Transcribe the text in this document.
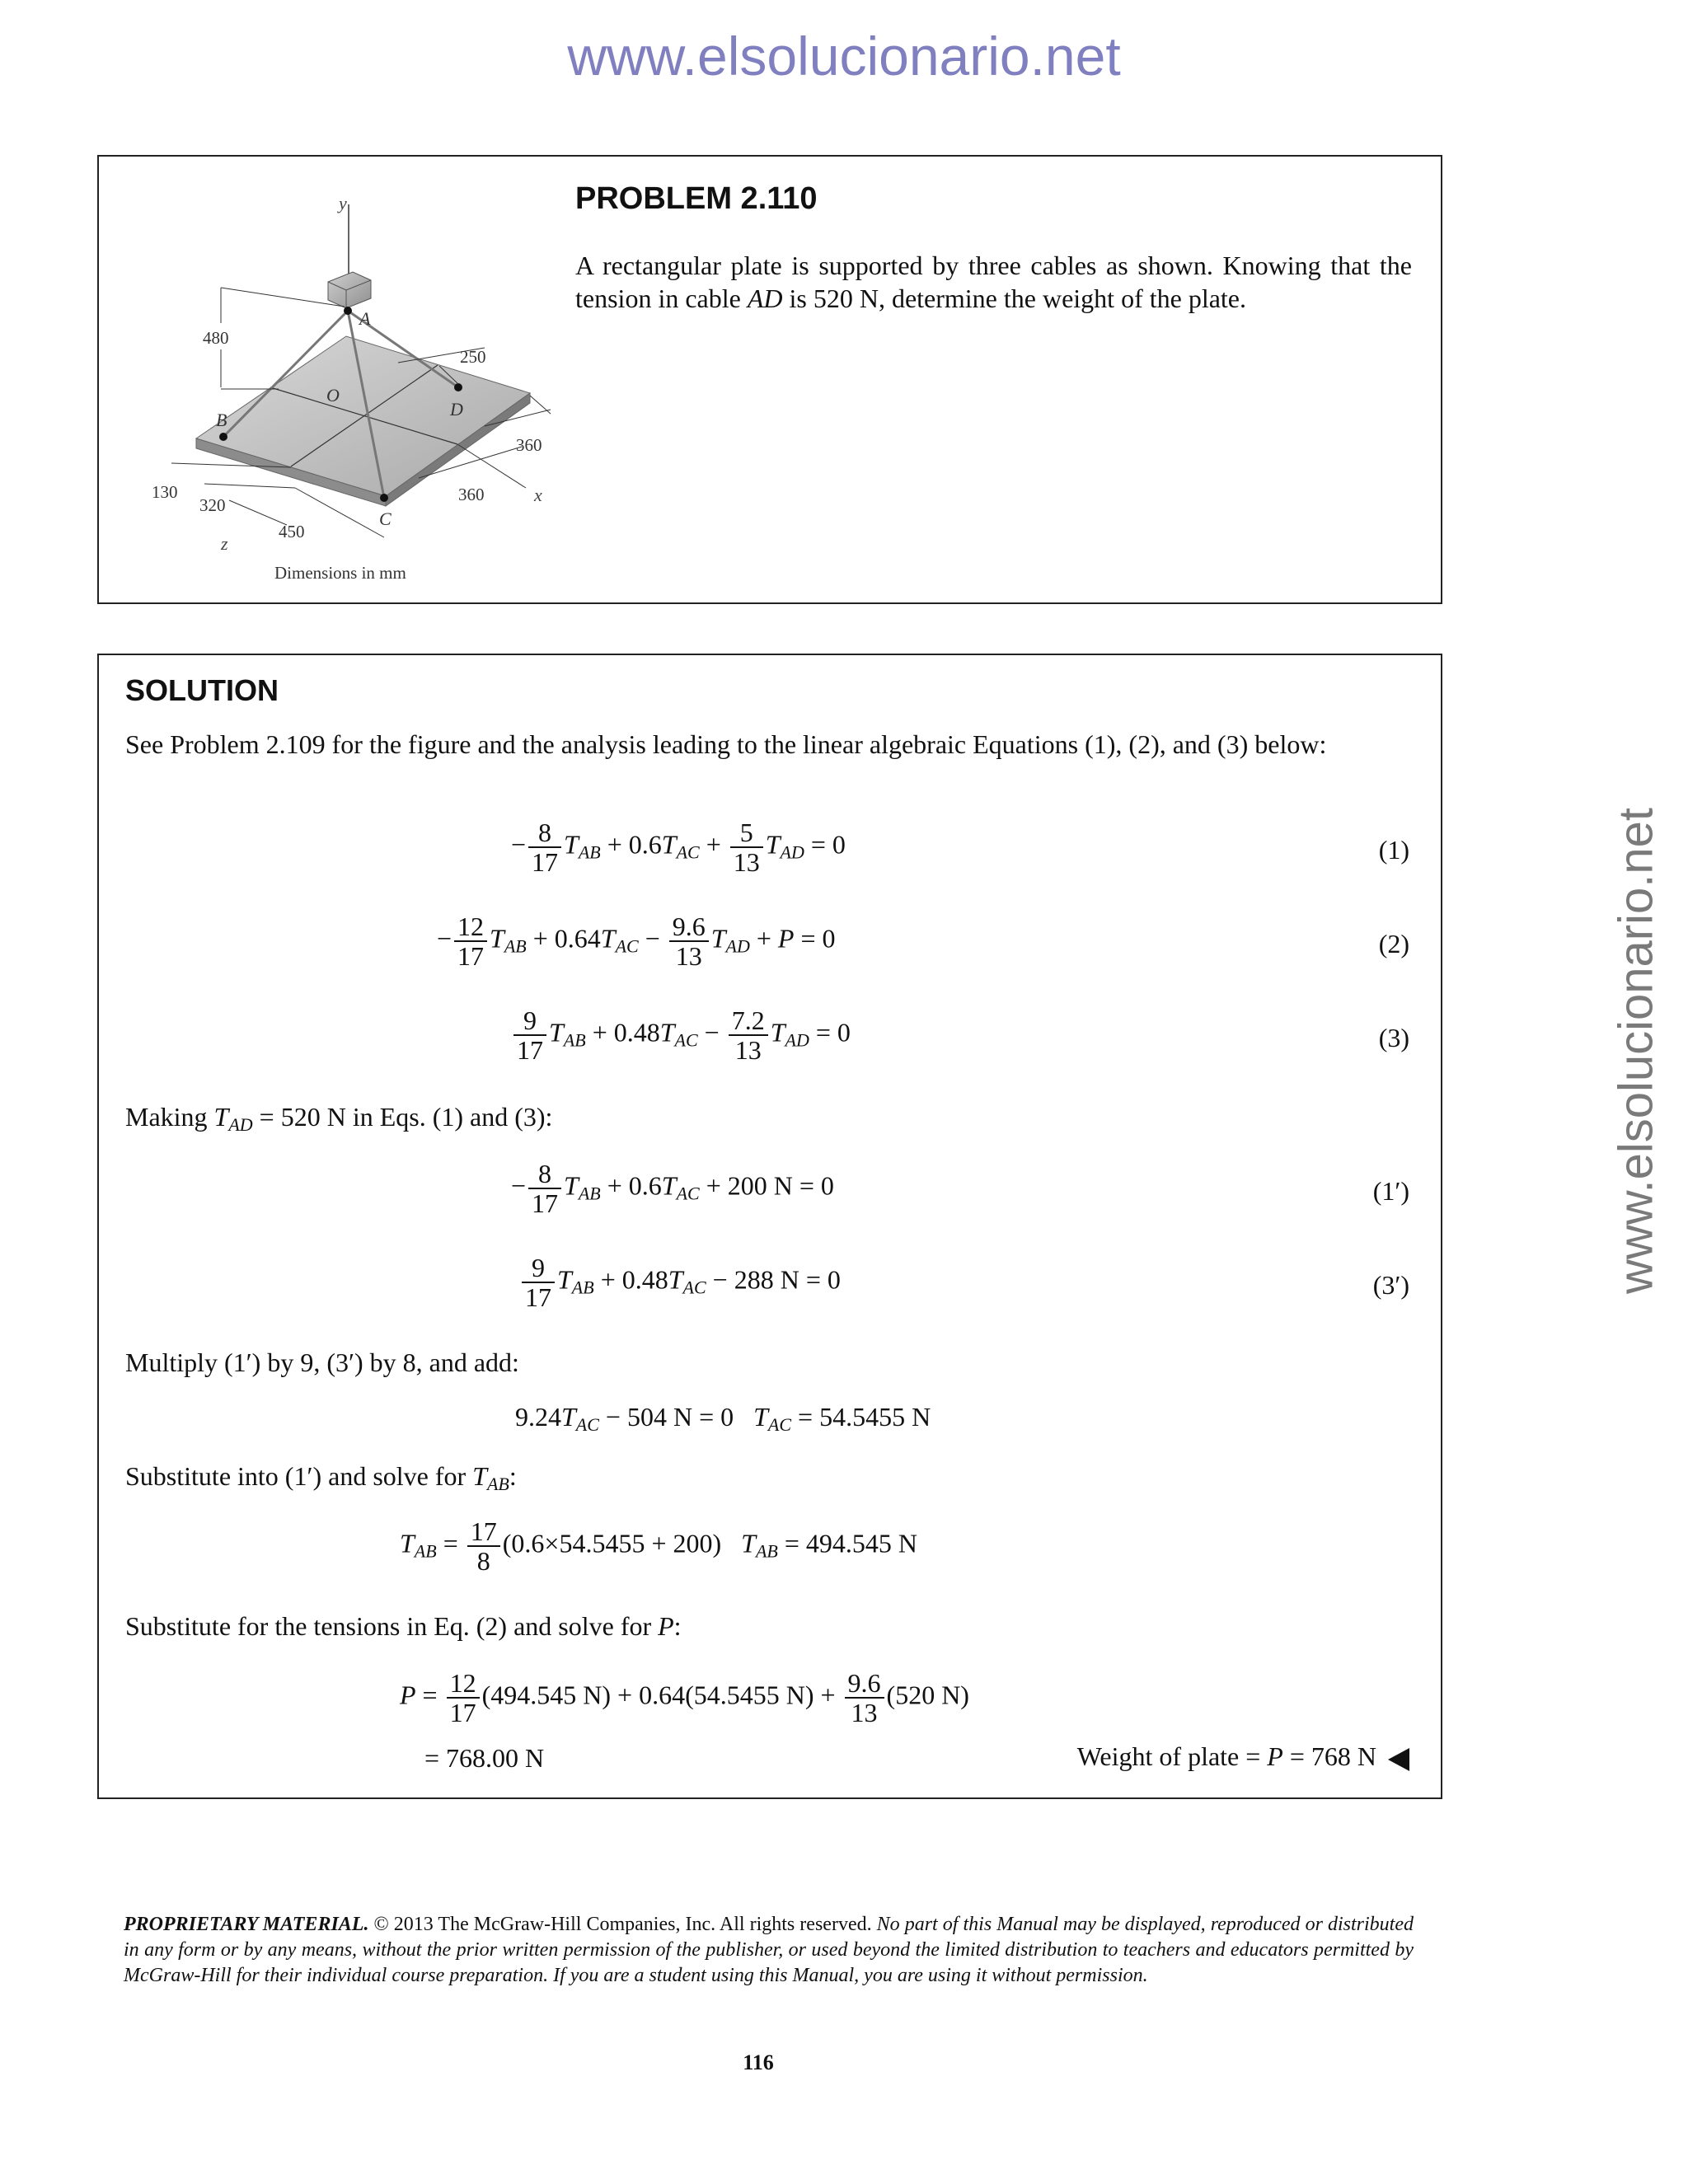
www.elsolucionario.net
www.elsolucionario.net
y
A
B
C
D
O
480
250
360
360	x
130
320
450
z
Dimensions in mm
PROBLEM 2.110
A rectangular plate is supported by three cables as shown. Knowing that the tension in cable AD is 520 N, determine the weight of the plate.
SOLUTION
See Problem 2.109 for the figure and the analysis leading to the linear algebraic Equations (1), (2), and (3) below:
− $\frac{8}{17} T_{AB} + 0.6T_{AC} + \frac{5}{13} T_{AD} = 0$	(1)
− $\frac{12}{17} T_{AB} + 0.64T_{AC} - \frac{9.6}{13} T_{AD} + P = 0$	(2)
$\frac{9}{17} T_{AB} + 0.48T_{AC} - \frac{7.2}{13} T_{AD} = 0$	(3)
Making $T_{AD} = 520$ N in Eqs. (1) and (3):
− $\frac{8}{17} T_{AB} + 0.6T_{AC} + 200$ N = 0	(1′)
$\frac{9}{17} T_{AB} + 0.48T_{AC} - 288$ N = 0	(3′)
Multiply (1′) by 9, (3′) by 8, and add:
$9.24T_{AC} - 504$ N = 0 $T_{AC} = 54.5455$ N
Substitute into (1′) and solve for $T_{AB}$:
$T_{AB} = \frac{17}{8} (0.6\times 54.5455 + 200) T_{AB} = 494.545$ N
Substitute for the tensions in Eq. (2) and solve for P:
$P = \frac{12}{17} (494.545$ N) + 0.64(54.5455 $N) + \frac{9.6}{13} (520$ N)
= 768.00 N	Weight of plate = P = 768 N
PROPRIETARY MATERIAL. © 2013 The McGraw-Hill Companies, Inc. All rights reserved. No part of this Manual may be displayed, reproduced or distributed in any form or by any means, without the prior written permission of the publisher, or used beyond the limited distribution to teachers and educators permitted by McGraw-Hill for their individual course preparation. If you are a student using this Manual, you are using it without permission.
116
